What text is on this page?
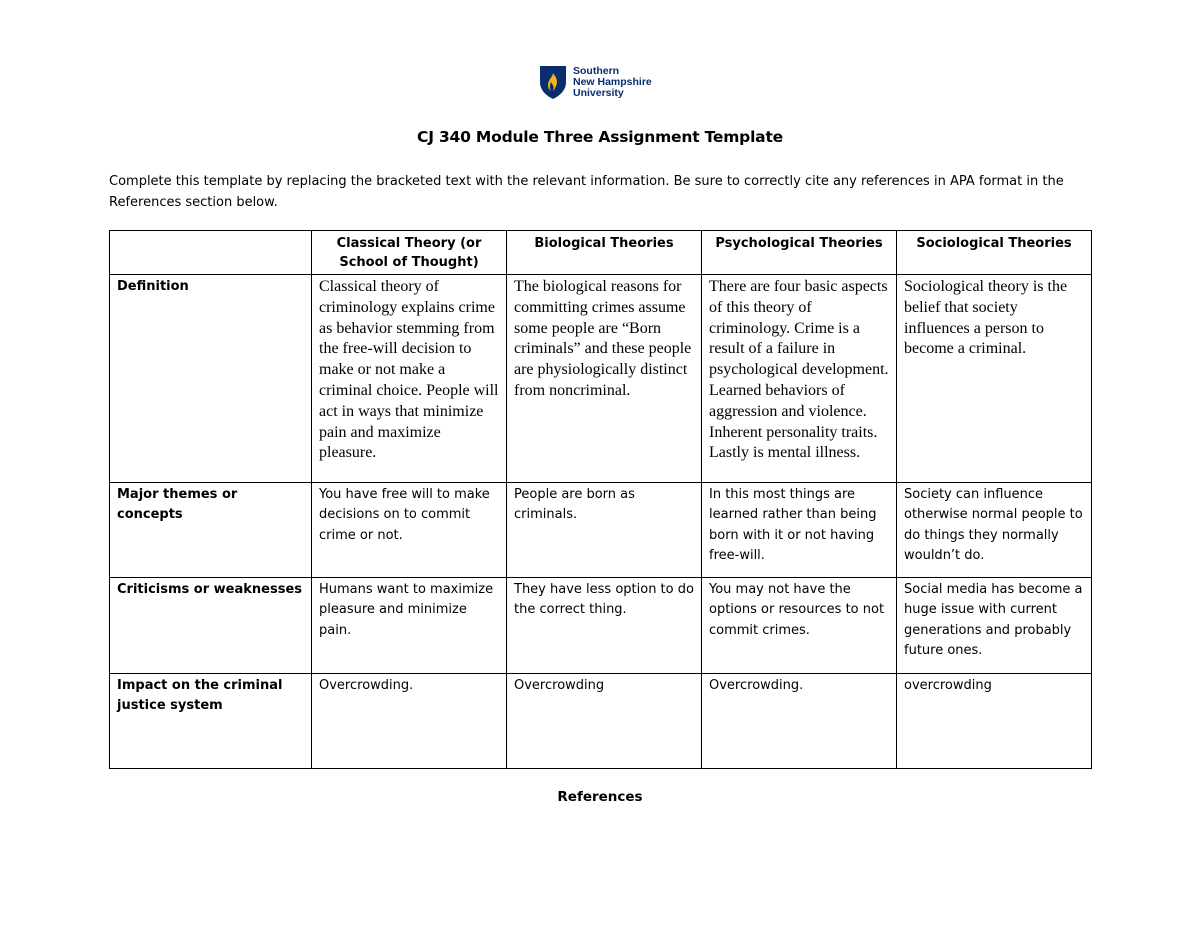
Southern
New Hampshire
University
CJ 340 Module Three Assignment Template
Complete this template by replacing the bracketed text with the relevant information. Be sure to correctly cite any references in APA format in the References section below.
	Classical Theory (or School of Thought)	Biological Theories	Psychological Theories	Sociological Theories
Definition	Classical theory of criminology explains crime as behavior stemming from the free-will decision to make or not make a criminal choice. People will act in ways that minimize pain and maximize pleasure.	The biological reasons for committing crimes assume some people are “Born criminals” and these people are physiologically distinct from noncriminal.	There are four basic aspects of this theory of criminology. Crime is a result of a failure in psychological development. Learned behaviors of aggression and violence. Inherent personality traits. Lastly is mental illness.	Sociological theory is the belief that society influences a person to become a criminal.
Major themes or concepts	You have free will to make decisions on to commit crime or not.	People are born as criminals.	In this most things are learned rather than being born with it or not having free-will.	Society can influence otherwise normal people to do things they normally wouldn’t do.
Criticisms or weaknesses	Humans want to maximize pleasure and minimize pain.	They have less option to do the correct thing.	You may not have the options or resources to not commit crimes.	Social media has become a huge issue with current generations and probably future ones.
Impact on the criminal justice system	Overcrowding.	Overcrowding	Overcrowding.	overcrowding
References
